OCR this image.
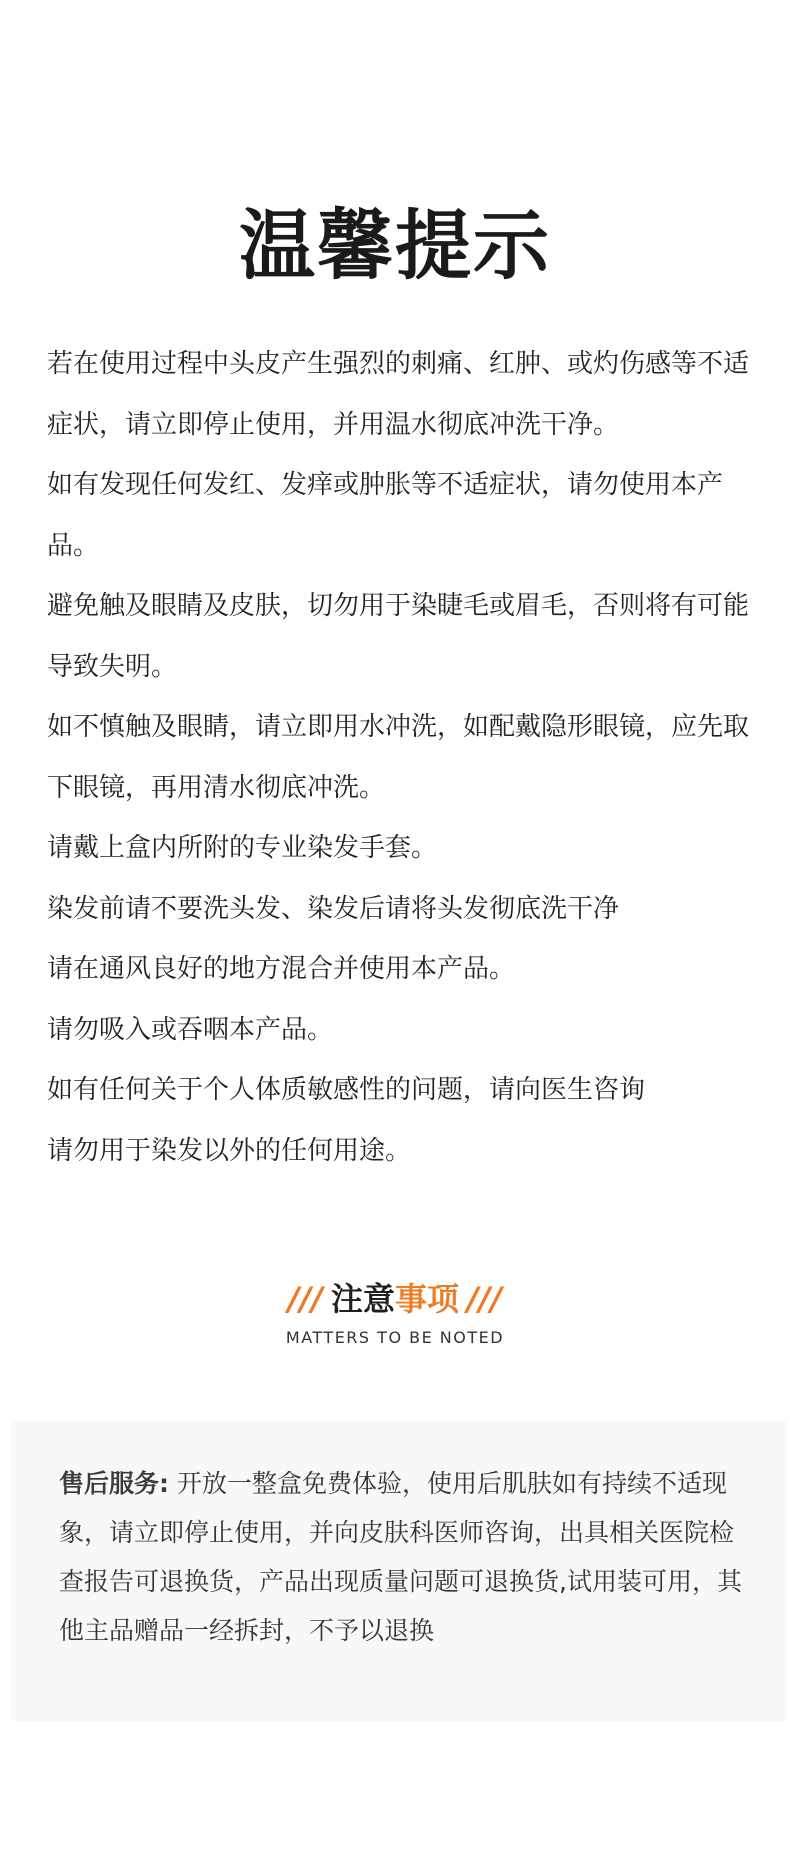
温馨提示
若在使用过程中头皮产生强烈的刺痛、红肿、或灼伤感等不适症状，请立即停止使用，并用温水彻底冲洗干净。
如有发现任何发红、发痒或肿胀等不适症状，请勿使用本产品。
避免触及眼睛及皮肤，切勿用于染睫毛或眉毛，否则将有可能导致失明。
如不慎触及眼睛，请立即用水冲洗，如配戴隐形眼镜，应先取下眼镜，再用清水彻底冲洗。
请戴上盒内所附的专业染发手套。
染发前请不要洗头发、染发后请将头发彻底洗干净
请在通风良好的地方混合并使用本产品。
请勿吸入或吞咽本产品。
如有任何关于个人体质敏感性的问题，请向医生咨询
请勿用于染发以外的任何用途。
/// 注意事项 ///
MATTERS TO BE NOTED
售后服务: 开放一整盒免费体验，使用后肌肤如有持续不适现象，请立即停止使用，并向皮肤科医师咨询，出具相关医院检查报告可退换货，产品出现质量问题可退换货,试用装可用，其他主品赠品一经拆封，不予以退换
